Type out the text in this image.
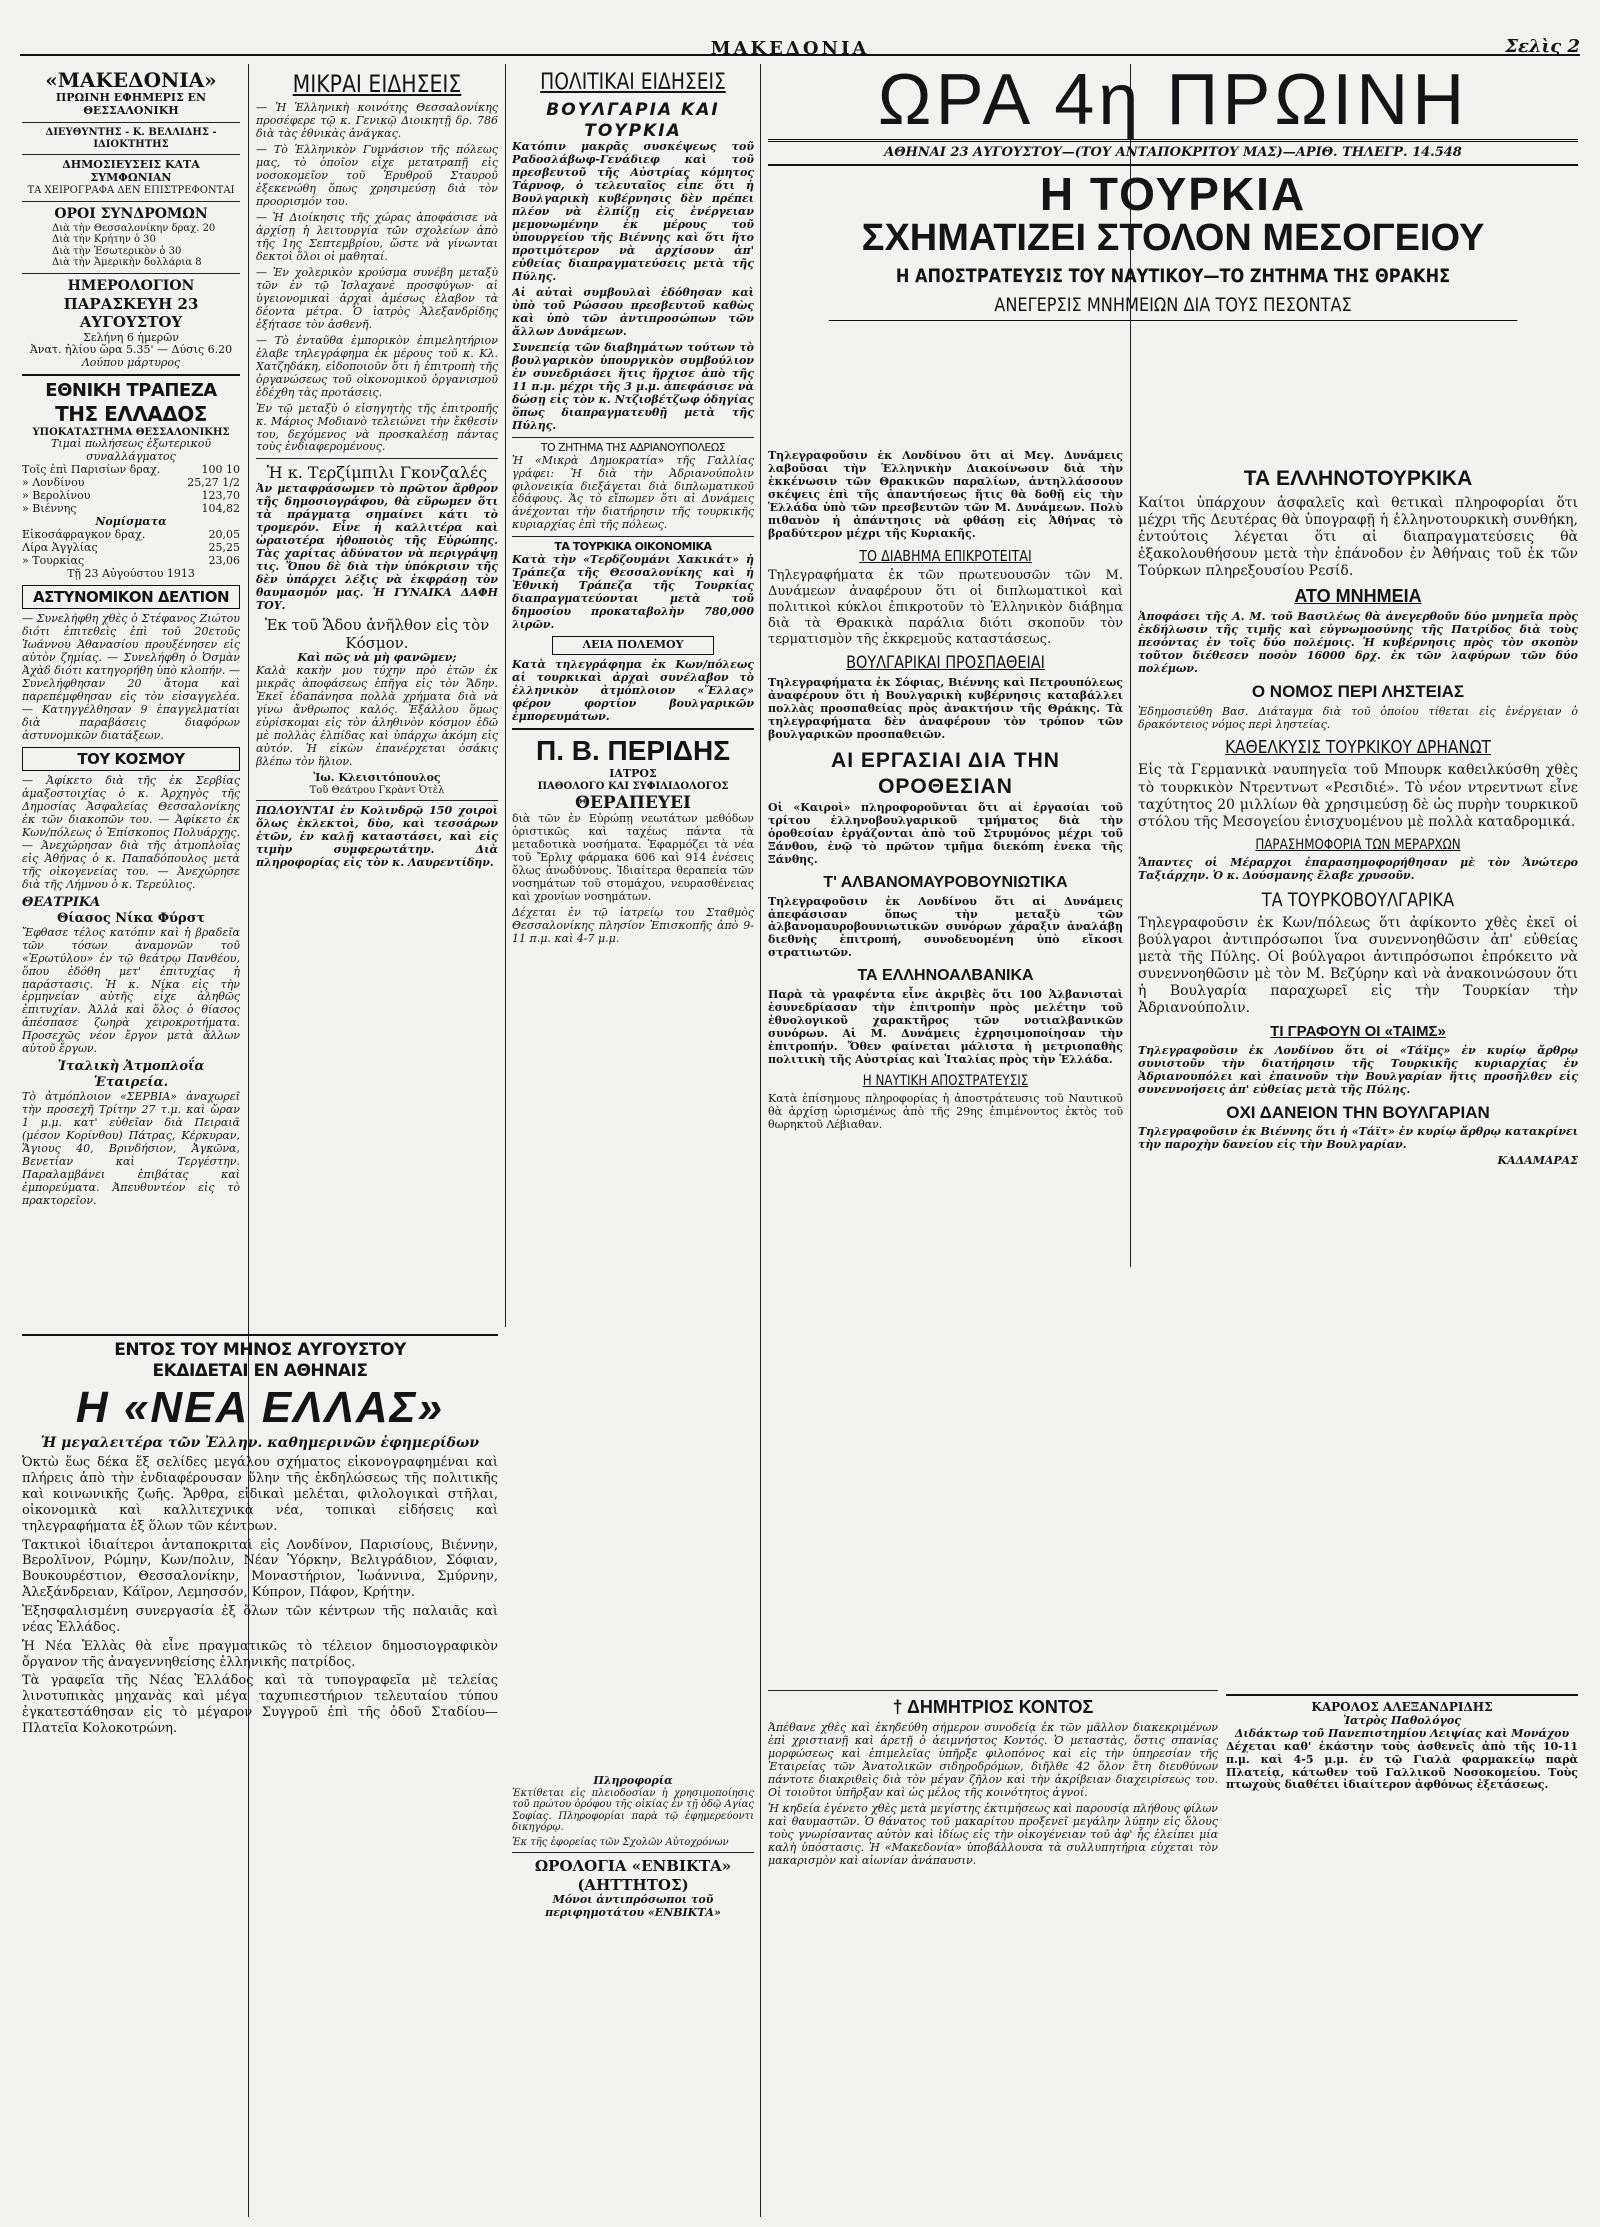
ΜΑΚΕΔΟΝΙΑ	Σελὶς 2
«ΜΑΚΕΔΟΝΙΑ»
ΠΡΩΙΝΗ ΕΦΗΜΕΡΙΣ ΕΝ ΘΕΣΣΑΛΟΝΙΚΗ
ΔΙΕΥΘΥΝΤΗΣ - Κ. ΒΕΛΛΙΔΗΣ - ΙΔΙΟΚΤΗΤΗΣ
ΔΗΜΟΣΙΕΥΣΕΙΣ ΚΑΤΑ ΣΥΜΦΩΝΙΑΝ
ΤΑ ΧΕΙΡΟΓΡΑΦΑ ΔΕΝ ΕΠΙΣΤΡΕΦΟΝΤΑΙ
ΟΡΟΙ ΣΥΝΔΡΟΜΩΝ
Διὰ τὴν Θεσσαλονίκην δραχ. 20
Διὰ τὴν Κρήτην ὁ 30
Διὰ τὴν Ἐσωτερικὸν ὁ 30
Διὰ τὴν Ἀμερικὴν δολλάρια 8
ΗΜΕΡΟΛΟΓΙΟΝ
ΠΑΡΑΣΚΕΥΗ 23 ΑΥΓΟΥΣΤΟΥ
Σελήνη 6 ἡμερῶν
Ἀνατ. ἡλίου ὥρα 5.35' — Δύσις 6.20
Λούπου μάρτυρος
ΕΘΝΙΚΗ ΤΡΑΠΕΖΑ
ΤΗΣ ΕΛΛΑΔΟΣ
ΥΠΟΚΑΤΑΣΤΗΜΑ ΘΕΣΣΑΛΟΝΙΚΗΣ
Τιμαὶ πωλήσεως ἐξωτερικοῦ συναλλάγματος
Τοῖς ἐπὶ Παρισίων δραχ.	100 10
» Λονδίνου	25,27 1/2
» Βερολίνου	123,70
» Βιέννης	104,82
Νομίσματα
Εἰκοσάφραγκον δραχ.	20,05
Λίρα Ἀγγλίας	25,25
» Τουρκίας	23,06
Τῇ 23 Αὐγούστου 1913
ΑΣΤΥΝΟΜΙΚΟΝ ΔΕΛΤΙΟΝ

— Συνελήφθη χθὲς ὁ Στέφανος Ζιώτου διότι ἐπιτεθεὶς ἐπὶ τοῦ 20ετοῦς Ἰωάννου Ἀθανασίου προυξένησεν εἰς αὐτὸν ζημίας. — Συνελήφθη ὁ Ὀσμὰν Ἀχὰδ διότι κατηγορήθη ὑπὸ κλοπήν. — Συνελήφθησαν 20 ἄτομα καὶ παρεπέμφθησαν εἰς τὸν εἰσαγγελέα. — Κατηγγέλθησαν 9 ἐπαγγελματίαι διὰ παραβάσεις διαφόρων ἀστυνομικῶν διατάξεων.

ΤΟΥ ΚΟΣΜΟΥ

— Ἀφίκετο διὰ τῆς ἐκ Σερβίας ἁμαξοστοιχίας ὁ κ. Ἀρχηγὸς τῆς Δημοσίας Ἀσφαλείας Θεσσαλονίκης ἐκ τῶν διακοπῶν του. — Ἀφίκετο ἐκ Κων/πόλεως ὁ Ἐπίσκοπος Πολυάρχης. — Ἀνεχώρησαν διὰ τῆς ἀτμοπλοΐας εἰς Ἀθήνας ὁ κ. Παπαδόπουλος μετὰ τῆς οἰκογενείας του. — Ἀνεχώρησε διὰ τῆς Λήμνου ὁ κ. Τερεύλιος.

ΘΕΑΤΡΙΚΑ
Θίασος Νίκα Φύρστ

Ἔφθασε τέλος κατόπιν καὶ ἡ βραδεῖα τῶν τόσων ἀναμονῶν τοῦ «Ἐρωτύλου» ἐν τῷ θεάτρῳ Πανθέου, ὅπου ἐδόθη μετ' ἐπιτυχίας ἡ παράστασις. Ἡ κ. Νίκα εἰς τὴν ἑρμηνείαν αὐτῆς εἶχε ἀληθῶς ἐπιτυχίαν. Ἀλλὰ καὶ ὅλος ὁ θίασος ἀπέσπασε ζωηρὰ χειροκροτήματα. Προσεχῶς νέον ἔργον μετὰ ἄλλων αὐτοῦ ἔργων.

Ἰταλικὴ Ἀτμοπλοΐα Ἑταιρεία.

Τὸ ἀτμόπλοιον «ΣΕΡΒΙΑ» ἀναχωρεῖ τὴν προσεχῆ Τρίτην 27 τ.μ. καὶ ὥραν 1 μ.μ. κατ' εὐθεῖαν διὰ Πειραιᾶ (μέσον Κορίνθου) Πάτρας, Κέρκυραν, Ἅγιους 40, Βρινδήσιον, Ἀγκῶνα, Βενετίαν καὶ Τεργέστην. Παραλαμβάνει ἐπιβάτας καὶ ἐμπορεύματα. Ἀπευθυντέον εἰς τὸ πρακτορεῖον.

ΜΙΚΡΑΙ ΕΙΔΗΣΕΙΣ

— Ἡ Ἑλληνικὴ κοινότης Θεσσαλονίκης προσέφερε τῷ κ. Γενικῷ Διοικητῇ δρ. 786 διὰ τὰς ἐθνικὰς ἀνάγκας.

— Τὸ Ἑλληνικὸν Γυμνάσιον τῆς πόλεως μας, τὸ ὁποῖον εἶχε μετατραπῇ εἰς νοσοκομεῖον τοῦ Ἐρυθροῦ Σταυροῦ ἐξεκενώθη ὅπως χρησιμεύσῃ διὰ τὸν προορισμόν του.

— Ἡ Διοίκησις τῆς χώρας ἀποφάσισε νὰ ἀρχίσῃ ἡ λειτουργία τῶν σχολείων ἀπὸ τῆς 1ης Σεπτεμβρίου, ὥστε νὰ γίνωνται δεκτοὶ ὅλοι οἱ μαθηταί.

— Ἐν χολερικὸν κρούσμα συνέβη μεταξὺ τῶν ἐν τῷ Ἰσλαχανὲ προσφύγων· αἱ ὑγειονομικαὶ ἀρχαὶ ἀμέσως ἐλαβον τὰ δέοντα μέτρα. Ὁ ἰατρὸς Ἀλεξανδρίδης ἐξήτασε τὸν ἀσθενῆ.

— Τὸ ἐνταῦθα ἐμπορικὸν ἐπιμελητήριον ἐλαβε τηλεγράφημα ἐκ μέρους τοῦ κ. Κλ. Χατζηδάκη, εἰδοποιοῦν ὅτι ἡ ἐπιτροπὴ τῆς ὀργανώσεως τοῦ οἰκονομικοῦ ὀργανισμοῦ ἐδέχθη τὰς προτάσεις.

Ἐν τῷ μεταξὺ ὁ εἰσηγητὴς τῆς ἐπιτροπῆς κ. Μάριος Μοδιανὸ τελειώνει τὴν ἔκθεσίν του, δεχόμενος νὰ προσκαλέσῃ πάντας τοὺς ἐνδιαφερομένους.

Ἡ κ. Τερζίμπιλι Γκονζαλές

Ἀν μεταφράσωμεν τὸ πρῶτον ἄρθρον τῆς δημοσιογράφου, θὰ εὕρωμεν ὅτι τὰ πράγματα σημαίνει κάτι τὸ τρομερόν. Εἶνε ἡ καλλιτέρα καὶ ὡραιοτέρα ἠθοποιὸς τῆς Εὐρώπης. Τὰς χαρίτας ἀδύνατον νὰ περιγράψῃ τις. Ὅπου δὲ διὰ τὴν ὑπόκρισιν τῆς δὲν ὑπάρχει λέξις νὰ ἐκφράσῃ τὸν θαυμασμόν μας. Ἡ ΓΥΝΑΙΚΑ ΔΑΦΗ ΤΟΥ.

Ἐκ τοῦ Ἅδου ἀνῆλθον εἰς τὸν Κόσμον.
Καὶ πῶς νὰ μὴ φανῶμεν;

Καλὰ κακὴν μου τύχην πρὸ ἐτῶν ἐκ μικρᾶς ἀποφάσεως ἐπῆγα εἰς τὸν Ἅδην. Ἐκεῖ ἐδαπάνησα πολλὰ χρήματα διὰ νὰ γίνω ἄνθρωπος καλός. Ἐξάλλου ὅμως εὑρίσκομαι εἰς τὸν ἀληθινὸν κόσμον ἐδῶ μὲ πολλὰς ἐλπίδας καὶ ὑπάρχω ἀκόμη εἰς αὐτόν. Ἡ εἰκὼν ἐπανέρχεται ὁσάκις βλέπω τὸν ἥλιον.

Ἰω. Κλεισιτόπουλος
Τοῦ Θεάτρου Γκρὰντ Ὀτὲλ

ΠΩΛΟΥΝΤΑΙ ἐν Κολινδρῷ 150 χοιροὶ ὅλως ἐκλεκτοὶ, δὺο, καὶ τεσσάρων ἐτῶν, ἐν καλῇ καταστάσει, καὶ εἰς τιμὴν συμφερωτάτην. Διὰ πληροφορίας εἰς τὸν κ. Λαυρεντίδην.

ΠΟΛΙΤΙΚΑΙ ΕΙΔΗΣΕΙΣ
ΒΟΥΛΓΑΡΙΑ ΚΑΙ ΤΟΥΡΚΙΑ

Κατόπιν μακρᾶς συσκέψεως τοῦ Ραδοσλάβωφ-Γενάδιεφ καὶ τοῦ πρεσβευτοῦ τῆς Αὐστρίας κόμητος Τάρνοφ, ὁ τελευταῖος εἶπε ὅτι ἡ Βουλγαρικὴ κυβέρνησις δὲν πρέπει πλέον νὰ ἐλπίζῃ εἰς ἐνέργειαν μεμονωμένην ἐκ μέρους τοῦ ὑπουργείου τῆς Βιέννης καὶ ὅτι ἤτο προτιμότερον νὰ ἀρχίσουν ἀπ' εὐθείας διαπραγματεύσεις μετὰ τῆς Πύλης.

Αἱ αὐταὶ συμβουλαὶ ἐδόθησαν καὶ ὑπὸ τοῦ Ρώσσου πρεσβευτοῦ καθὼς καὶ ὑπὸ τῶν ἀντιπροσώπων τῶν ἄλλων Δυνάμεων.

Συνεπείᾳ τῶν διαβημάτων τούτων τὸ βουλγαρικὸν ὑπουργικὸν συμβούλιον ἐν συνεδριάσει ἥτις ἤρχισε ἀπὸ τῆς 11 π.μ. μέχρι τῆς 3 μ.μ. ἀπεφάσισε νὰ δώσῃ εἰς τὸν κ. Ντζιοβέτζωφ ὁδηγίας ὅπως διαπραγματευθῇ μετὰ τῆς Πύλης.

ΤΟ ΖΗΤΗΜΑ ΤΗΣ ΑΔΡΙΑΝΟΥΠΟΛΕΩΣ

Ἡ «Μικρὰ Δημοκρατία» τῆς Γαλλίας γράφει: Ἡ διὰ τὴν Ἀδριανούπολιν φιλονεικία διεξάγεται διὰ διπλωματικοῦ ἐδάφους. Ἀς τὸ εἴπωμεν ὅτι αἱ Δυνάμεις ἀνέχονται τὴν διατήρησιν τῆς τουρκικῆς κυριαρχίας ἐπὶ τῆς πόλεως.

ΤΑ ΤΟΥΡΚΙΚΑ ΟΙΚΟΝΟΜΙΚΑ

Κατὰ τὴν «Τερδζουμάνι Χακικάτ» ἡ Τράπεζα τῆς Θεσσαλονίκης καὶ ἡ Ἐθνικὴ Τράπεζα τῆς Τουρκίας διαπραγματεύονται μετὰ τοῦ δημοσίου προκαταβολὴν 780,000 λιρῶν.

ΛΕΙΑ ΠΟΛΕΜΟΥ

Κατὰ τηλεγράφημα ἐκ Κων/πόλεως αἱ τουρκικαὶ ἀρχαὶ συνέλαβον τὸ ἑλληνικὸν ἀτμόπλοιον «Ἕλλας» φέρον φορτίον βουλγαρικῶν ἐμπορευμάτων.

Π. Β. ΠΕΡΙΔΗΣ
ΙΑΤΡΟΣ
ΠΑΘΟΛΟΓΟ ΚΑΙ ΣΥΦΙΛΙΔΟΛΟΓΟΣ
ΘΕΡΑΠΕΥΕΙ

διὰ τῶν ἐν Εὐρώπῃ νεωτάτων μεθόδων ὁριστικῶς καὶ ταχέως πάντα τὰ μεταδοτικὰ νοσήματα. Ἐφαρμόζει τὰ νέα τοῦ Ἔρλιχ φάρμακα 606 καὶ 914 ἐνέσεις ὅλως ἀνωδύνους. Ἰδιαίτερα θεραπεία τῶν νοσημάτων τοῦ στομάχου, νευρασθένειας καὶ χρονίων νοσημάτων.

Δέχεται ἐν τῷ ἰατρείῳ του Σταθμὸς Θεσσαλονίκης πλησίον Ἐπισκοπῆς ἀπὸ 9-11 π.μ. καὶ 4-7 μ.μ.

ΩΡΑ 4η ΠΡΩΙΝΗ
ΑΘΗΝΑΙ 23 ΑΥΓΟΥΣΤΟΥ—(ΤΟΥ ΑΝΤΑΠΟΚΡΙΤΟΥ ΜΑΣ)—ΑΡΙΘ. ΤΗΛΕΓΡ. 14.548
Η ΤΟΥΡΚΙΑ
ΣΧΗΜΑΤΙΖΕΙ ΣΤΟΛΟΝ ΜΕΣΟΓΕΙΟΥ
Η ΑΠΟΣΤΡΑΤΕΥΣΙΣ ΤΟΥ ΝΑΥΤΙΚΟΥ—ΤΟ ΖΗΤΗΜΑ ΤΗΣ ΘΡΑΚΗΣ
ΑΝΕΓΕΡΣΙΣ ΜΝΗΜΕΙΩΝ ΔΙΑ ΤΟΥΣ ΠΕΣΟΝΤΑΣ

Τηλεγραφοῦσιν ἐκ Λονδίνου ὅτι αἱ Μεγ. Δυνάμεις λαβοῦσαι τὴν Ἑλληνικὴν Διακοίνωσιν διὰ τὴν ἐκκένωσιν τῶν Θρακικῶν παραλίων, ἀντηλλάσσουν σκέψεις ἐπὶ τῆς ἀπαντήσεως ἥτις θὰ δοθῇ εἰς τὴν Ἑλλάδα ὑπὸ τῶν πρεσβευτῶν τῶν Μ. Δυνάμεων. Πολὺ πιθανὸν ἡ ἀπάντησις νὰ φθάσῃ εἰς Ἀθήνας τὸ βραδύτερον μέχρι τῆς Κυριακῆς.

ΤΟ ΔΙΑΒΗΜΑ ΕΠΙΚΡΟΤΕΙΤΑΙ

Τηλεγραφήματα ἐκ τῶν πρωτευουσῶν τῶν Μ. Δυνάμεων ἀναφέρουν ὅτι οἱ διπλωματικοὶ καὶ πολιτικοὶ κύκλοι ἐπικροτοῦν τὸ Ἑλληνικὸν διάβημα διὰ τὰ Θρακικὰ παράλια διότι σκοποῦν τὸν τερματισμὸν τῆς ἐκκρεμοῦς καταστάσεως.

ΒΟΥΛΓΑΡΙΚΑΙ ΠΡΟΣΠΑΘΕΙΑΙ

Τηλεγραφήματα ἐκ Σόφιας, Βιέννης καὶ Πετρουπόλεως ἀναφέρουν ὅτι ἡ Βουλγαρικὴ κυβέρνησις καταβάλλει πολλὰς προσπαθείας πρὸς ἀνακτήσιν τῆς Θράκης. Τὰ τηλεγραφήματα δὲν ἀναφέρουν τὸν τρόπον τῶν βουλγαρικῶν προσπαθειῶν.

ΑΙ ΕΡΓΑΣΙΑΙ ΔΙΑ ΤΗΝ ΟΡΟΘΕΣΙΑΝ

Οἱ «Καιροὶ» πληροφοροῦνται ὅτι αἱ ἐργασίαι τοῦ τρίτου ἑλληνοβουλγαρικοῦ τμήματος διὰ τὴν ὁροθεσίαν ἐργάζονται ἀπὸ τοῦ Στρυμόνος μέχρι τοῦ Ξάνθου, ἐνῷ τὸ πρῶτον τμῆμα διεκόπη ἐνεκα τῆς Ξάνθης.

Τ' ΑΛΒΑΝΟΜΑΥΡΟΒΟΥΝΙΩΤΙΚΑ

Τηλεγραφοῦσιν ἐκ Λονδίνου ὅτι αἱ Δυνάμεις ἀπεφάσισαν ὅπως τὴν μεταξὺ τῶν ἀλβανομαυροβουνιωτικῶν συνόρων χάραξιν ἀναλάβῃ διεθνὴς ἐπιτροπή, συνοδευομένη ὑπὸ εἴκοσι στρατιωτῶν.

ΤΑ ΕΛΛΗΝΟΑΛΒΑΝΙΚΑ

Παρὰ τὰ γραφέντα εἶνε ἀκριβὲς ὅτι 100 Ἀλβανισταὶ ἐσυνεδρίασαν τὴν ἐπιτροπὴν πρὸς μελέτην τοῦ ἐθνολογικοῦ χαρακτῆρος τῶν νοτιαλβανικῶν συνόρων. Αἱ Μ. Δυνάμεις ἐχρησιμοποίησαν τὴν ἐπιτροπήν. Ὅθεν φαίνεται μάλιστα ἡ μετριοπαθὴς πολιτικὴ τῆς Αὐστρίας καὶ Ἰταλίας πρὸς τὴν Ἑλλάδα.

Η ΝΑΥΤΙΚΗ ΑΠΟΣΤΡΑΤΕΥΣΙΣ

Κατὰ ἐπίσημους πληροφορίας ἡ ἀποστράτευσις τοῦ Ναυτικοῦ θὰ ἀρχίσῃ ὡρισμένως ἀπὸ τῆς 29ης ἐπιμένοντος ἐκτὸς τοῦ θωρηκτοῦ Λέβιαθαν.

ΤΑ ΕΛΛΗΝΟΤΟΥΡΚΙΚΑ

Καίτοι ὑπάρχουν ἀσφαλεῖς καὶ θετικαὶ πληροφορίαι ὅτι μέχρι τῆς Δευτέρας θὰ ὑπογραφῇ ἡ ἑλληνοτουρκικὴ συνθήκη, ἐντούτοις λέγεται ὅτι αἱ διαπραγματεύσεις θὰ ἐξακολουθήσουν μετὰ τὴν ἐπάνοδον ἐν Ἀθήναις τοῦ ἐκ τῶν Τούρκων πληρεξουσίου Ρεσίδ.

ΑΤΟ ΜΝΗΜΕΙΑ

Ἀποφάσει τῆς Α. Μ. τοῦ Βασιλέως θὰ ἀνεγερθοῦν δύο μνημεῖα πρὸς ἐκδήλωσιν τῆς τιμῆς καὶ εὐγνωμοσύνης τῆς Πατρίδος διὰ τοὺς πεσόντας ἐν τοῖς δύο πολέμοις. Ἡ κυβέρνησις πρὸς τὸν σκοπὸν τοῦτον διέθεσεν ποσὸν 16000 δρχ. ἐκ τῶν λαφύρων τῶν δύο πολέμων.

Ο ΝΟΜΟΣ ΠΕΡΙ ΛΗΣΤΕΙΑΣ

Ἐδημοσιεύθη Βασ. Διάταγμα διὰ τοῦ ὁποίου τίθεται εἰς ἐνέργειαν ὁ δρακόντειος νόμος περὶ ληστείας.

ΚΑΘΕΛΚΥΣΙΣ ΤΟΥΡΚΙΚΟΥ ΔΡΗΑΝΩΤ

Εἰς τὰ Γερμανικὰ ναυπηγεῖα τοῦ Μπουρκ καθειλκύσθη χθὲς τὸ τουρκικὸν Ντρεντνωτ «Ρεσιδιέ». Τὸ νέον ντρεντνωτ εἶνε ταχύτητος 20 μιλλίων θὰ χρησιμεύσῃ δὲ ὡς πυρὴν τουρκικοῦ στόλου τῆς Μεσογείου ἐνισχυομένου μὲ πολλὰ καταδρομικά.

ΠΑΡΑΣΗΜΟΦΟΡΙΑ ΤΩΝ ΜΕΡΑΡΧΩΝ

Ἅπαντες οἱ Μέραρχοι ἐπαρασημοφορήθησαν μὲ τὸν Ἀνώτερο Ταξιάρχην. Ὁ κ. Δούσμανης ἔλαβε χρυσοῦν.

ΤΑ ΤΟΥΡΚΟΒΟΥΛΓΑΡΙΚΑ

Τηλεγραφοῦσιν ἐκ Κων/πόλεως ὅτι ἀφίκοντο χθὲς ἐκεῖ οἱ βούλγαροι ἀντιπρόσωποι ἵνα συνεννοηθῶσιν ἀπ' εὐθείας μετὰ τῆς Πύλης. Οἱ βούλγαροι ἀντιπρόσωποι ἐπρόκειτο νὰ συνεννοηθῶσιν μὲ τὸν Μ. Βεζύρην καὶ νὰ ἀνακοινώσουν ὅτι ἡ Βουλγαρία παραχωρεῖ εἰς τὴν Τουρκίαν τὴν Ἀδριανούπολιν.

ΤΙ ΓΡΑΦΟΥΝ ΟΙ «ΤΑΙΜΣ»

Τηλεγραφοῦσιν ἐκ Λονδίνου ὅτι οἱ «Τάϊμς» ἐν κυρίῳ ἄρθρῳ συνιστοῦν τὴν διατήρησιν τῆς Τουρκικῆς κυριαρχίας ἐν Ἀδριανουπόλει καὶ ἐπαινοῦν τὴν Βουλγαρίαν ἥτις προσῆλθεν εἰς συνεννοήσεις ἀπ' εὐθείας μετὰ τῆς Πύλης.

ΟΧΙ ΔΑΝΕΙΟΝ ΤΗΝ ΒΟΥΛΓΑΡΙΑΝ

Τηλεγραφοῦσιν ἐκ Βιέννης ὅτι ἡ «Τάϊτ» ἐν κυρίῳ ἄρθρῳ κατακρίνει τὴν παροχὴν δανείου εἰς τὴν Βουλγαρίαν.

ΚΑΔΑΜΑΡΑΣ
ΕΝΤΟΣ ΤΟΥ ΜΗΝΟΣ ΑΥΓΟΥΣΤΟΥ
ΕΚΔΙΔΕΤΑΙ ΕΝ ΑΘΗΝΑΙΣ
Η «ΝΕΑ ΕΛΛΑΣ»

Ἡ μεγαλειτέρα τῶν Ἑλλην. καθημερινῶν ἐφημερίδων

Ὀκτὼ ἕως δέκα ἕξ σελίδες μεγάλου σχήματος εἰκονογραφημέναι καὶ πλήρεις ἀπὸ τὴν ἐνδιαφέρουσαν ὕλην τῆς ἐκδηλώσεως τῆς πολιτικῆς καὶ κοινωνικῆς ζωῆς. Ἄρθρα, εἰδικαὶ μελέται, φιλολογικαὶ στῆλαι, οἰκονομικὰ καὶ καλλιτεχνικὰ νέα, τοπικαὶ εἰδήσεις καὶ τηλεγραφήματα ἐξ ὅλων τῶν κέντρων.

Τακτικοὶ ἰδιαίτεροι ἀνταποκριταὶ εἰς Λονδίνον, Παρισίους, Βιέννην, Βερολῖνον, Ρώμην, Κων/πολιν, Νέαν Ὑόρκην, Βελιγράδιον, Σόφιαν, Βουκουρέστιον, Θεσσαλονίκην, Μοναστήριον, Ἰωάννινα, Σμύρνην, Ἀλεξάνδρειαν, Κάϊρον, Λεμησσόν, Κύπρον, Πάφον, Κρήτην.

Ἐξησφαλισμένη συνεργασία ἐξ ὅλων τῶν κέντρων τῆς παλαιᾶς καὶ νέας Ἑλλάδος.

Ἡ Νέα Ἑλλὰς θὰ εἶνε πραγματικῶς τὸ τέλειον δημοσιογραφικὸν ὄργανον τῆς ἀναγεννηθείσης ἑλληνικῆς πατρίδος.

Τὰ γραφεῖα τῆς Νέας Ἑλλάδος καὶ τὰ τυπογραφεῖα μὲ τελείας λινοτυπικὰς μηχανὰς καὶ μέγα ταχυπιεστήριον τελευταίου τύπου ἐγκατεστάθησαν εἰς τὸ μέγαρον Συγγροῦ ἐπὶ τῆς ὁδοῦ Σταδίου—Πλατεῖα Κολοκοτρώνη.

Πληροφορία

Ἐκτίθεται εἰς πλειοδοσίαν ἡ χρησιμοποίησις τοῦ πρώτου ὀρόφου τῆς οἰκίας ἐν τῇ ὁδῷ Αγίας Σοφίας. Πληροφορίαι παρὰ τῷ ἐφημερεύοντι δικηγόρῳ.

Ἐκ τῆς ἐφορείας τῶν Σχολῶν Αὐτοχρόνων

ΩΡΟΛΟΓΙΑ «ΕΝΒΙΚΤΑ» (ΑΗΤΤΗΤΟΣ)
Μόνοι ἀντιπρόσωποι τοῦ περιφημοτάτου «ΕΝΒΙΚΤΑ»
† ΔΗΜΗΤΡΙΟΣ ΚΟΝΤΟΣ

Ἀπέθανε χθὲς καὶ ἐκηδεύθη σήμερον συνοδείᾳ ἐκ τῶν μᾶλλον διακεκριμένων ἐπὶ χριστιανῇ καὶ ἀρετῇ ὁ ἀειμνήστος Κοντός. Ὁ μεταστὰς, ὅστις σπανίας μορφώσεως καὶ ἐπιμελεῖας ὑπῆρξε φιλοπόνος καὶ εἰς τὴν ὑπηρεσίαν τῆς Ἐταιρείας τῶν Ἀνατολικῶν σιδηροδρόμων, διῆλθε 42 ὅλον ἔτη διευθύνων πάντοτε διακριθεὶς διὰ τὸν μέγαν ζῆλον καὶ τὴν ἀκρίβειαν διαχειρίσεως του. Οἱ τοιοῦτοι ὑπῆρξαν καὶ ὡς μέλος τῆς κοινότητος ἀγνοί.

Ἡ κηδεία ἐγένετο χθὲς μετὰ μεγίστης ἐκτιμήσεως καὶ παρουσίᾳ πλήθους φίλων καὶ θαυμαστῶν. Ὁ θάνατος τοῦ μακαρίτου προξενεῖ μεγάλην λύπην εἰς ὅλους τοὺς γνωρίσαντας αὐτὸν καὶ ἰδίως εἰς τὴν οἰκογένειαν τοῦ ἀφ' ἧς ἐλείπει μία καλὴ ὑπόστασις. Ἡ «Μακεδονία» ὑποβάλλουσα τὰ συλλυπητήρια εὐχεται τὸν μακαρισμὸν καὶ αἰωνίαν ἀνάπαυσιν.

ΚΑΡΟΛΟΣ ΑΛΕΞΑΝΔΡΙΔΗΣ
Ἰατρὸς Παθολόγος
Διδάκτωρ τοῦ Πανεπιστημίου Λειψίας καὶ Μονάχου

Δέχεται καθ' ἑκάστην τοὺς ἀσθενεῖς ἀπὸ τῆς 10-11 π.μ. καὶ 4-5 μ.μ. ἐν τῷ Γιαλὰ φαρμακείῳ παρὰ Πλατείᾳ, κάτωθεν τοῦ Γαλλικοῦ Νοσοκομείου. Τοὺς πτωχοὺς διαθέτει ἰδιαίτερον ἀφθόνως ἐξετάσεως.
